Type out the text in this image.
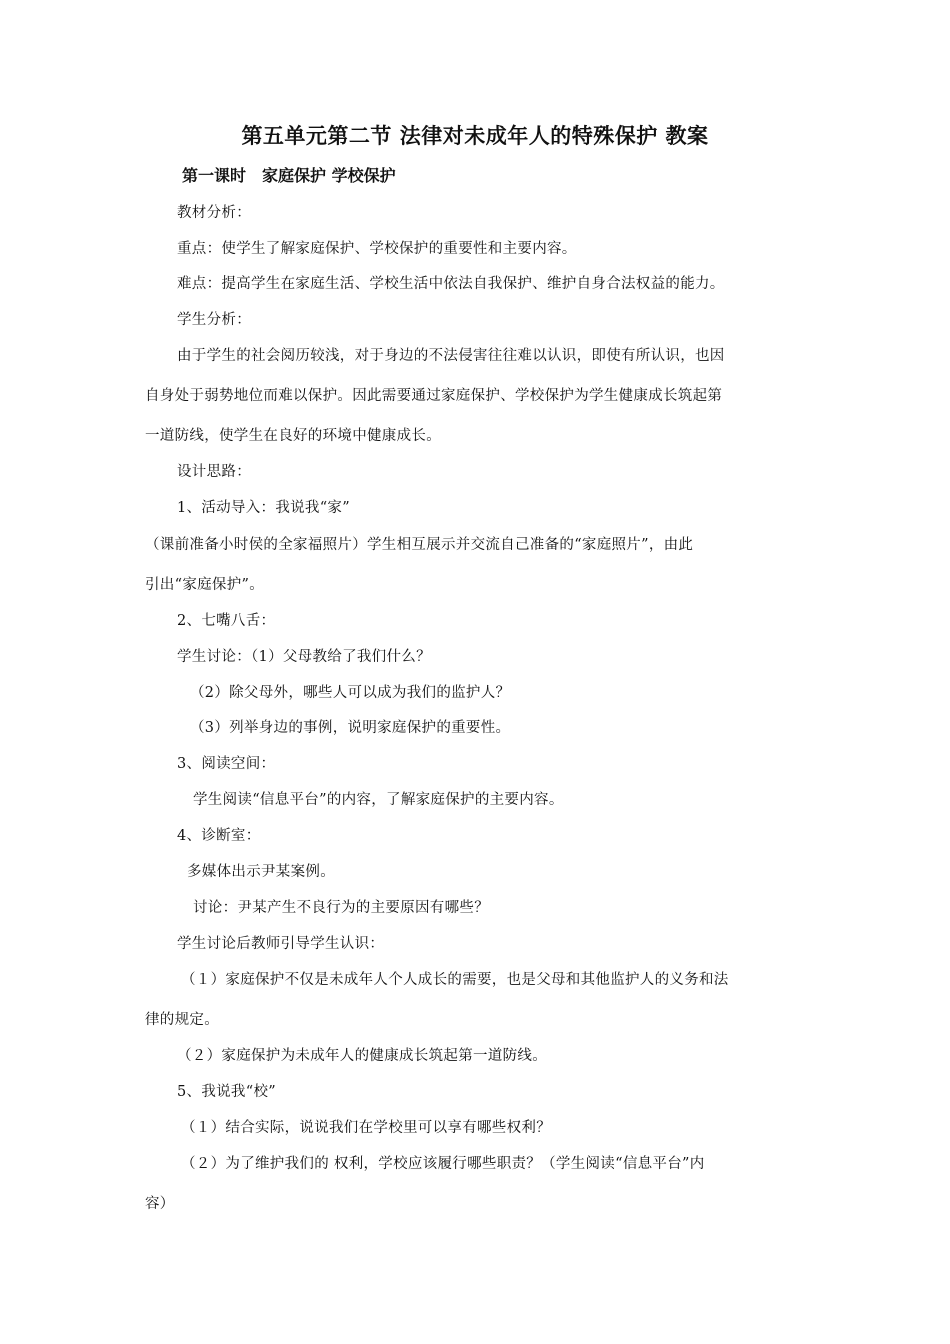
第五单元第二节 法律对未成年人的特殊保护 教案
第一课时　家庭保护 学校保护
教材分析：
重点：使学生了解家庭保护、学校保护的重要性和主要内容。
难点：提高学生在家庭生活、学校生活中依法自我保护、维护自身合法权益的能力。
学生分析：
由于学生的社会阅历较浅，对于身边的不法侵害往往难以认识，即使有所认识，也因
自身处于弱势地位而难以保护。因此需要通过家庭保护、学校保护为学生健康成长筑起第
一道防线，使学生在良好的环境中健康成长。
设计思路：
1、活动导入：我说我“家”
（课前准备小时侯的全家福照片）学生相互展示并交流自己准备的“家庭照片”，由此
引出“家庭保护”。
2、七嘴八舌：
学生讨论：（1）父母教给了我们什么？
（2）除父母外，哪些人可以成为我们的监护人？
（3）列举身边的事例，说明家庭保护的重要性。
3、阅读空间：
学生阅读“信息平台”的内容，了解家庭保护的主要内容。
4、诊断室：
多媒体出示尹某案例。
讨论：尹某产生不良行为的主要原因有哪些？
学生讨论后教师引导学生认识：
（１）家庭保护不仅是未成年人个人成长的需要，也是父母和其他监护人的义务和法
律的规定。
（２）家庭保护为未成年人的健康成长筑起第一道防线。
5、我说我“校”
（１）结合实际，说说我们在学校里可以享有哪些权利？
（２）为了维护我们的 权利，学校应该履行哪些职责？（学生阅读“信息平台”内
容）
